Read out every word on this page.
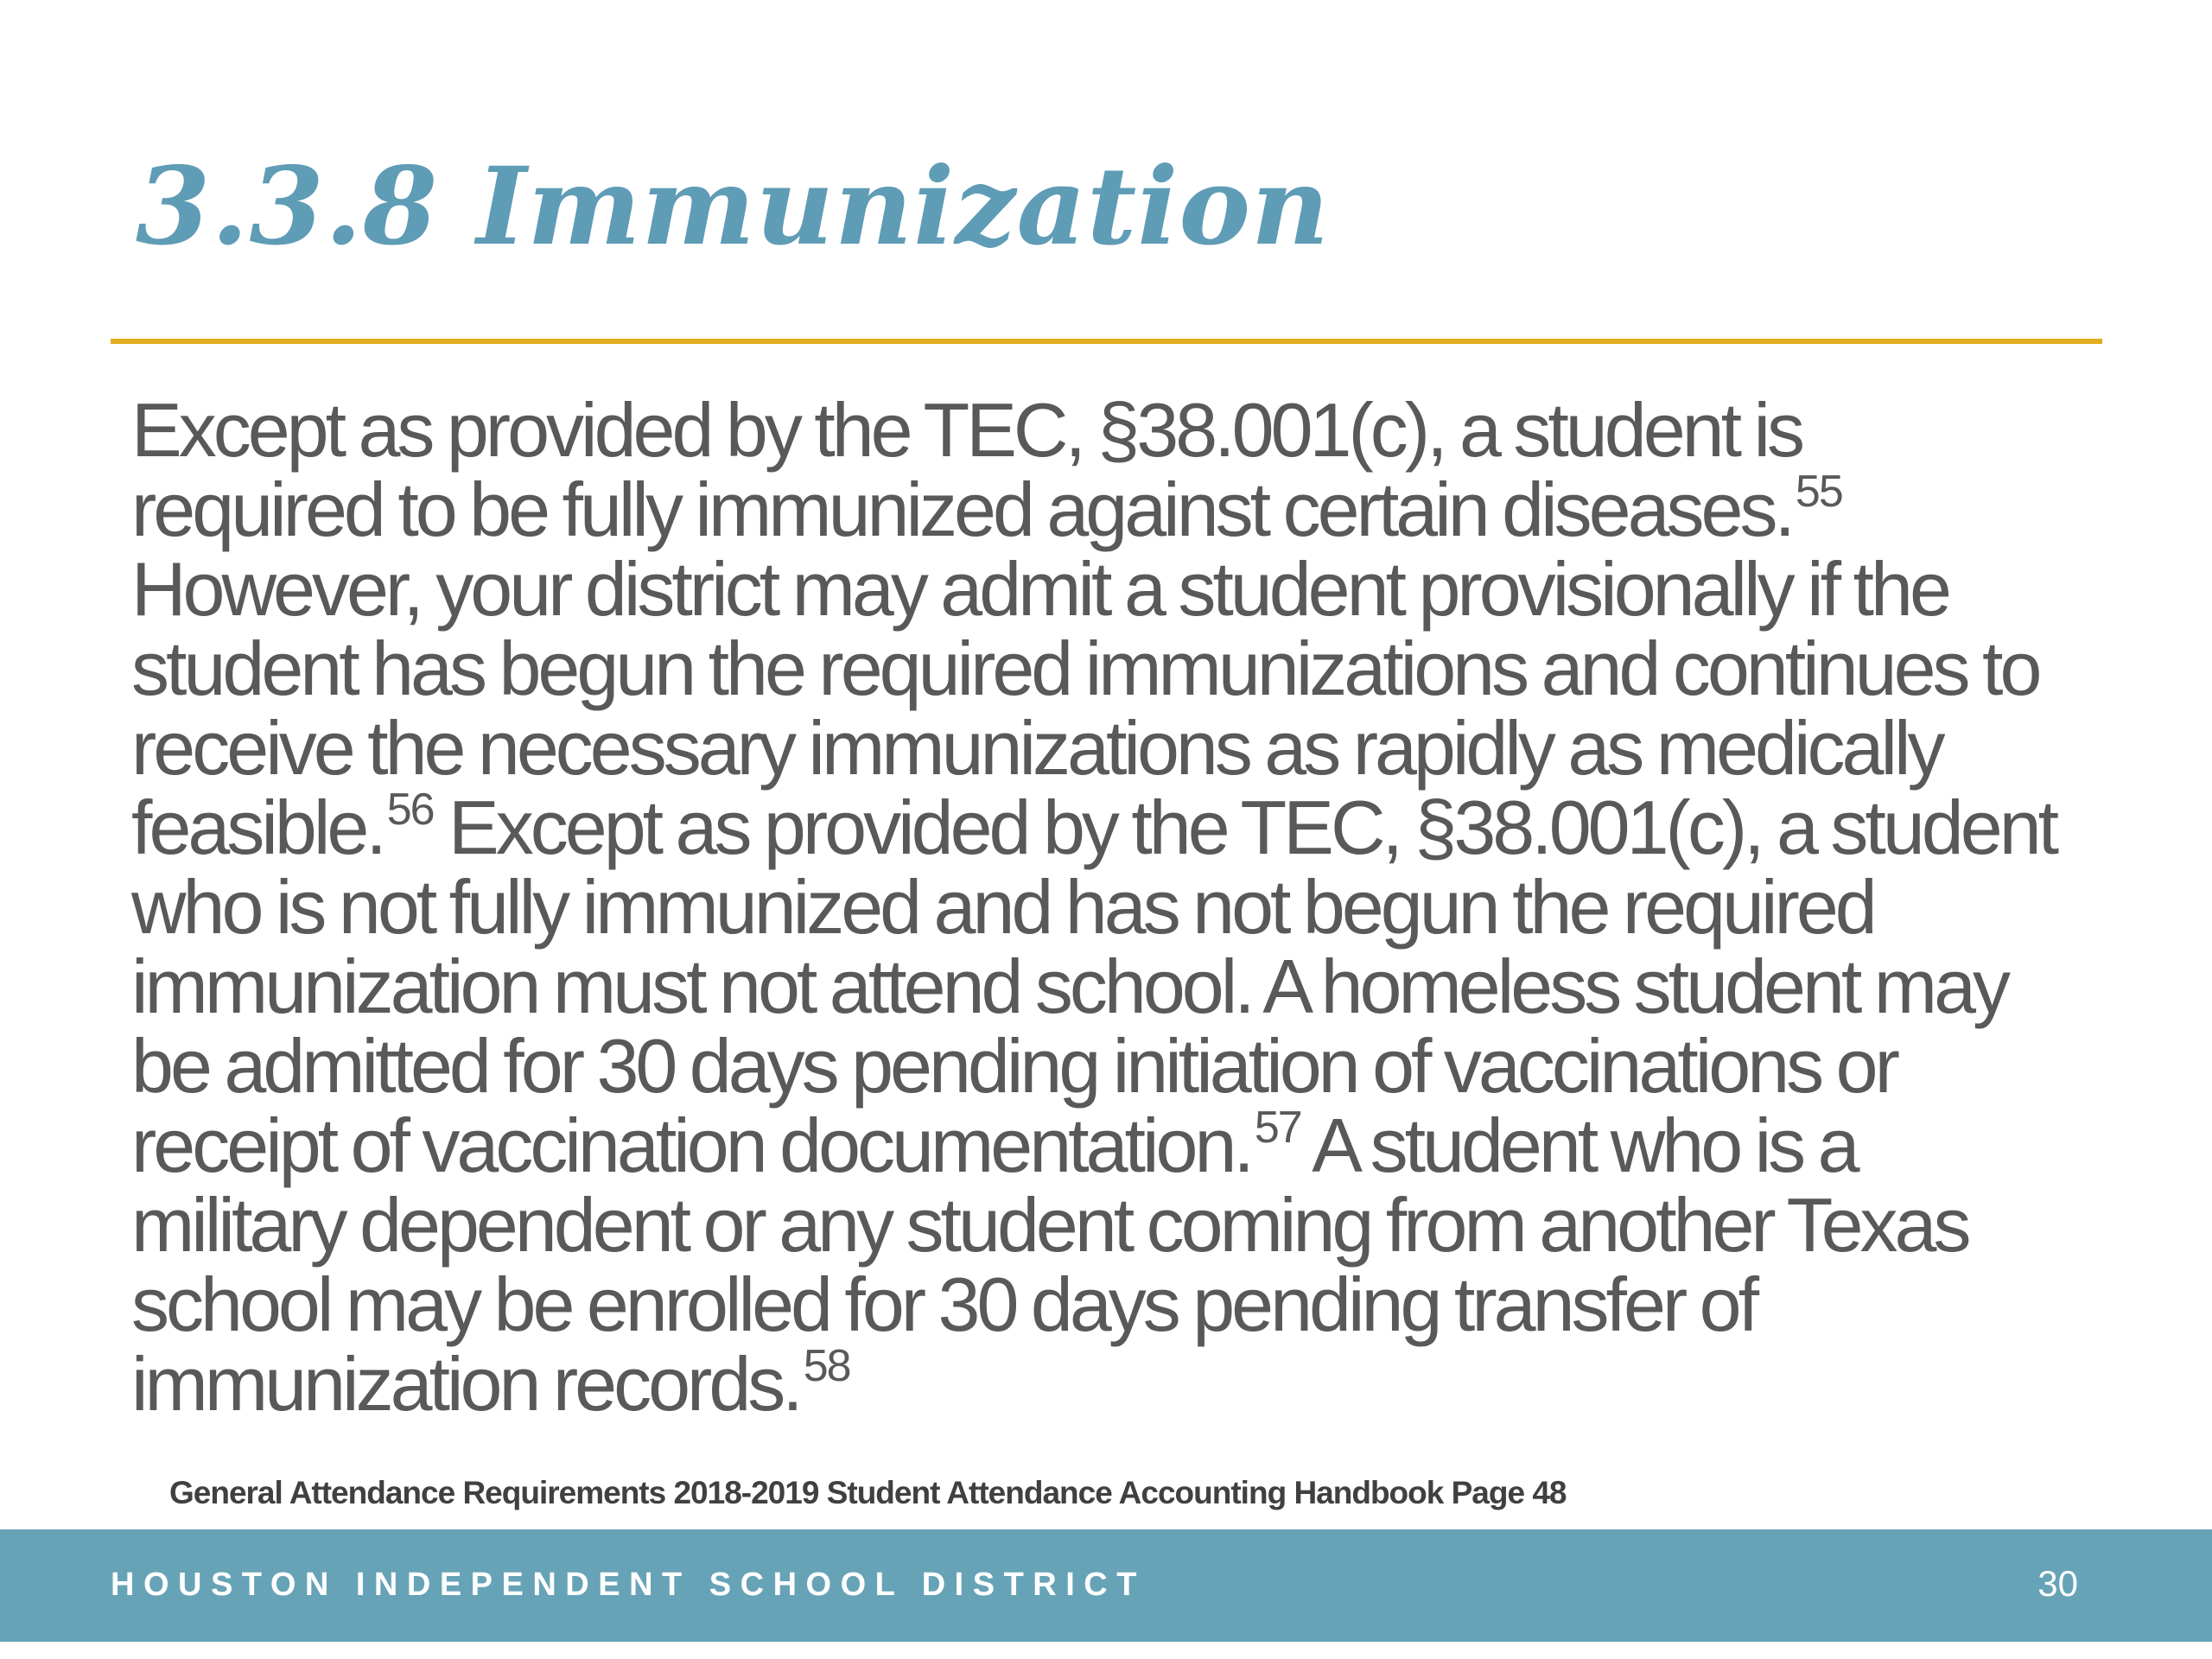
3.3.8 Immunization

Except as provided by the TEC, §38.001(c), a student is
required to be fully immunized against certain diseases.$^{55}$
However, your district may admit a student provisionally if the
student has begun the required immunizations and continues to
receive the necessary immunizations as rapidly as medically
feasible.$^{56}$ Except as provided by the TEC, §38.001(c), a student
who is not fully immunized and has not begun the required
immunization must not attend school. A homeless student may
be admitted for 30 days pending initiation of vaccinations or
receipt of vaccination documentation.$^{57}$ A student who is a
military dependent or any student coming from another Texas
school may be enrolled for 30 days pending transfer of
immunization records.$^{58}$

General Attendance Requirements 2018-2019 Student Attendance Accounting Handbook Page 48

HOUSTON INDEPENDENT SCHOOL DISTRICT	30
